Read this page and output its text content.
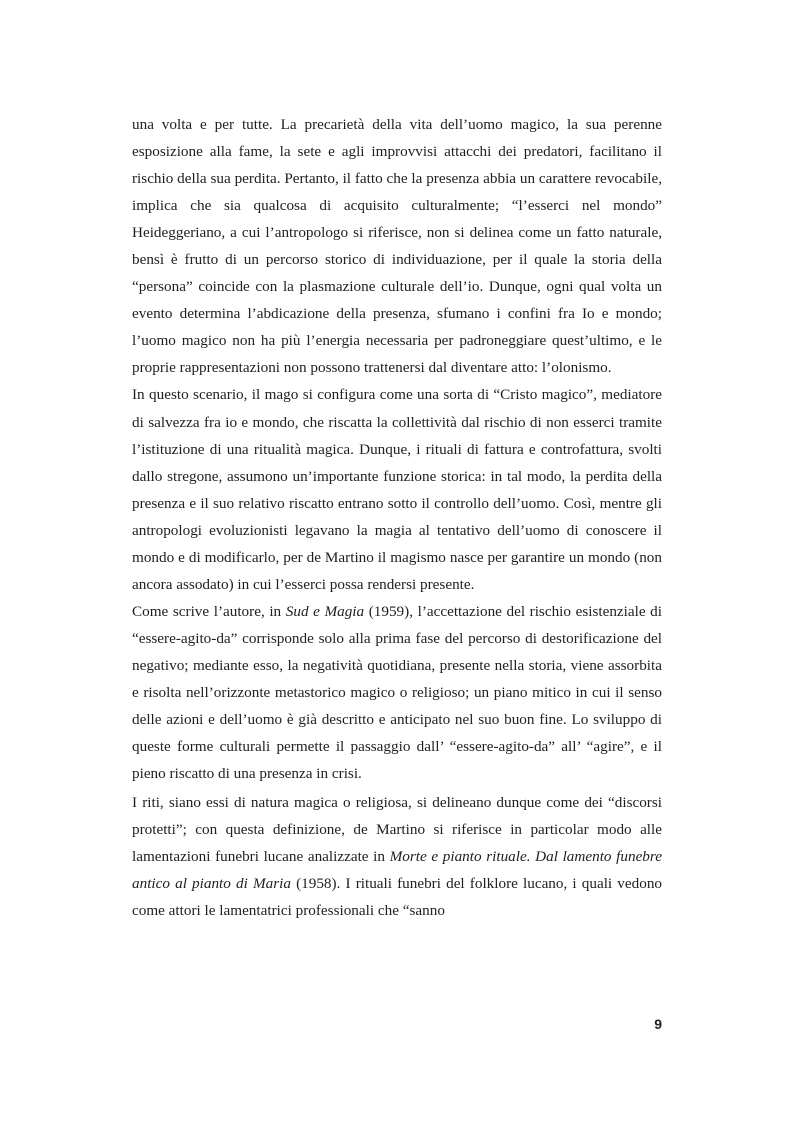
una volta e per tutte. La precarietà della vita dell’uomo magico, la sua perenne esposizione alla fame, la sete e agli improvvisi attacchi dei predatori, facilitano il rischio della sua perdita. Pertanto, il fatto che la presenza abbia un carattere revocabile, implica che sia qualcosa di acquisito culturalmente; “l’esserci nel mondo” Heideggeriano, a cui l’antropologo si riferisce, non si delinea come un fatto naturale, bensì è frutto di un percorso storico di individuazione, per il quale la storia della “persona” coincide con la plasmazione culturale dell’io. Dunque, ogni qual volta un evento determina l’abdicazione della presenza, sfumano i confini fra Io e mondo; l’uomo magico non ha più l’energia necessaria per padroneggiare quest’ultimo, e le proprie rappresentazioni non possono trattenersi dal diventare atto: l’olonismo.

In questo scenario, il mago si configura come una sorta di “Cristo magico”, mediatore di salvezza fra io e mondo, che riscatta la collettività dal rischio di non esserci tramite l’istituzione di una ritualità magica. Dunque, i rituali di fattura e controfattura, svolti dallo stregone, assumono un’importante funzione storica: in tal modo, la perdita della presenza e il suo relativo riscatto entrano sotto il controllo dell’uomo. Così, mentre gli antropologi evoluzionisti legavano la magia al tentativo dell’uomo di conoscere il mondo e di modificarlo, per de Martino il magismo nasce per garantire un mondo (non ancora assodato) in cui l’esserci possa rendersi presente.

Come scrive l’autore, in Sud e Magia (1959), l’accettazione del rischio esistenziale di “essere-agito-da” corrisponde solo alla prima fase del percorso di destorificazione del negativo; mediante esso, la negatività quotidiana, presente nella storia, viene assorbita e risolta nell’orizzonte metastorico magico o religioso; un piano mitico in cui il senso delle azioni e dell’uomo è già descritto e anticipato nel suo buon fine. Lo sviluppo di queste forme culturali permette il passaggio dall’ “essere-agito-da” all’ “agire”, e il pieno riscatto di una presenza in crisi.

I riti, siano essi di natura magica o religiosa, si delineano dunque come dei “discorsi protetti”; con questa definizione, de Martino si riferisce in particolar modo alle lamentazioni funebri lucane analizzate in Morte e pianto rituale. Dal lamento funebre antico al pianto di Maria (1958). I rituali funebri del folklore lucano, i quali vedono come attori le lamentatrici professionali che “sanno

9
